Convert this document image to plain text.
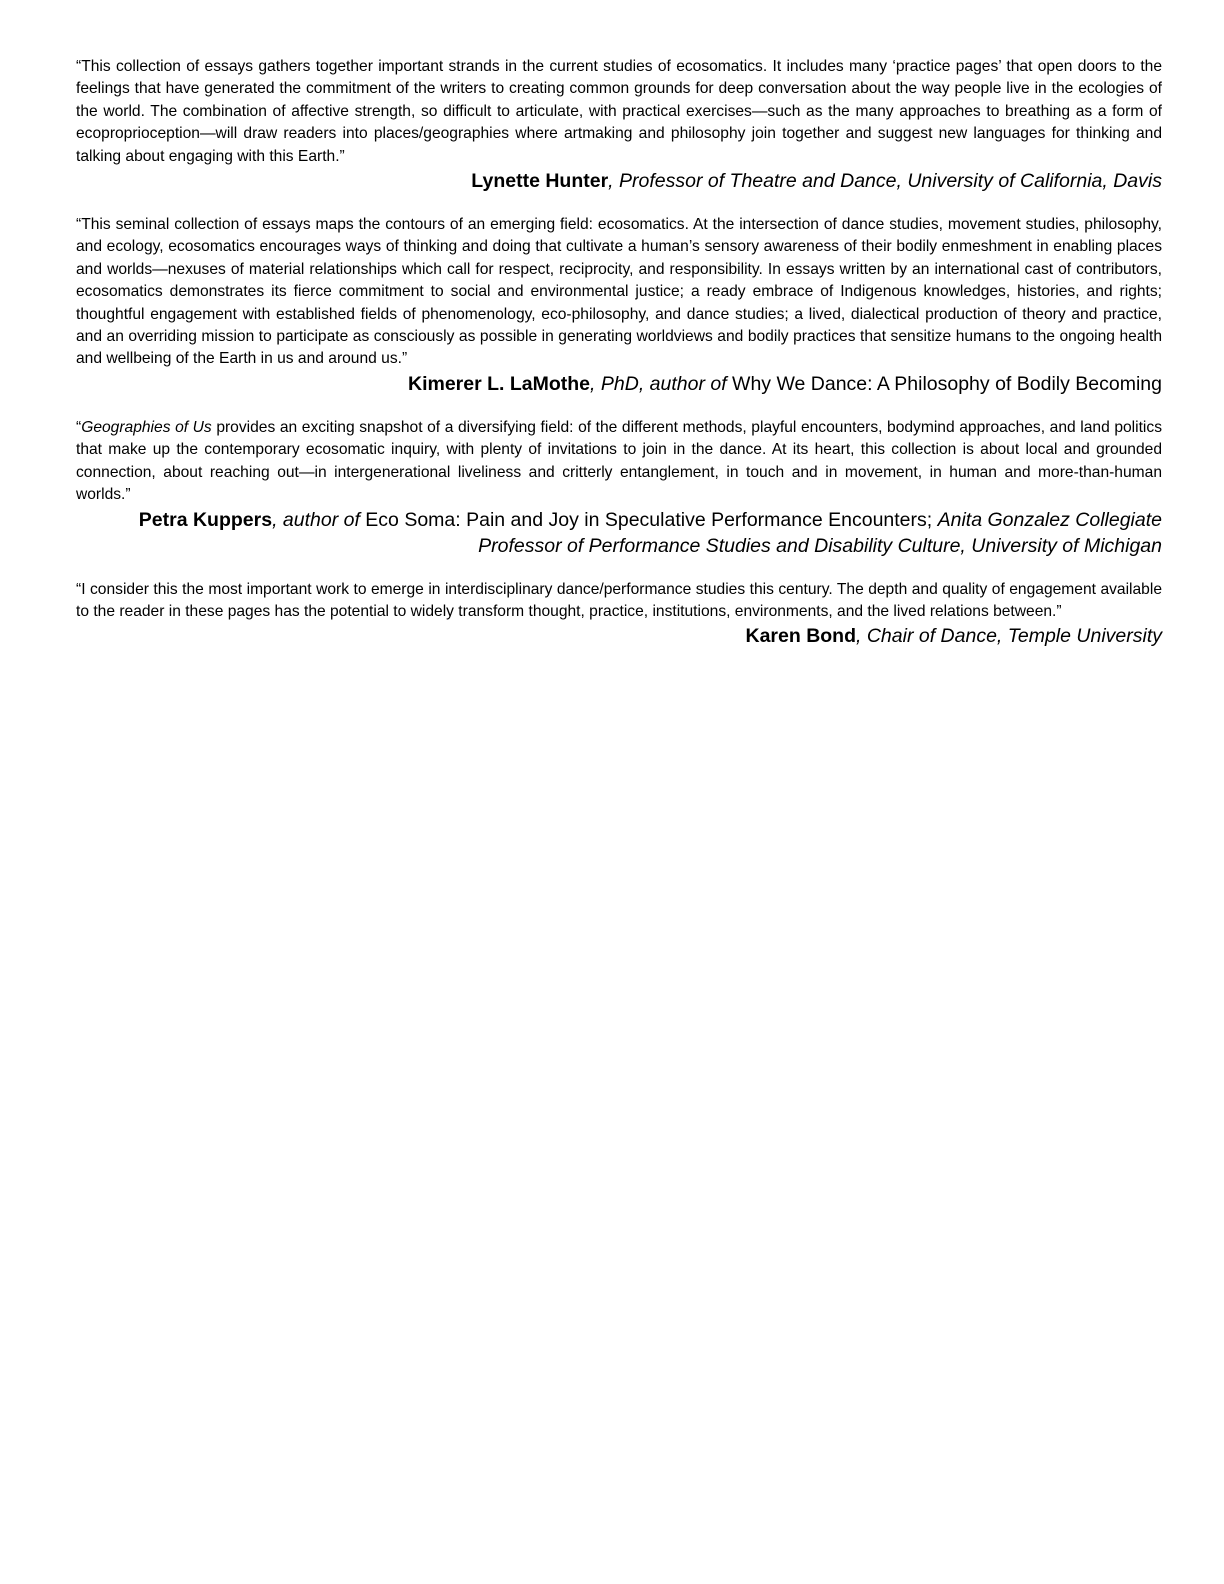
“This collection of essays gathers together important strands in the current studies of ecosomatics. It includes many ‘practice pages’ that open doors to the feelings that have generated the commitment of the writers to creating common grounds for deep conversation about the way people live in the ecologies of the world. The combination of affective strength, so difficult to articulate, with practical exercises—such as the many approaches to breathing as a form of ecoproprioception—will draw readers into places/geographies where artmaking and philosophy join together and suggest new languages for thinking and talking about engaging with this Earth.”

Lynette Hunter, Professor of Theatre and Dance, University of California, Davis

“This seminal collection of essays maps the contours of an emerging field: ecosomatics. At the intersection of dance studies, movement studies, philosophy, and ecology, ecosomatics encourages ways of thinking and doing that cultivate a human’s sensory awareness of their bodily enmeshment in enabling places and worlds—nexuses of material relationships which call for respect, reciprocity, and responsibility. In essays written by an international cast of contributors, ecosomatics demonstrates its fierce commitment to social and environmental justice; a ready embrace of Indigenous knowledges, histories, and rights; thoughtful engagement with established fields of phenomenology, eco-philosophy, and dance studies; a lived, dialectical production of theory and practice, and an overriding mission to participate as consciously as possible in generating worldviews and bodily practices that sensitize humans to the ongoing health and wellbeing of the Earth in us and around us.”

Kimerer L. LaMothe, PhD, author of Why We Dance: A Philosophy of Bodily Becoming

“Geographies of Us provides an exciting snapshot of a diversifying field: of the different methods, playful encounters, bodymind approaches, and land politics that make up the contemporary ecosomatic inquiry, with plenty of invitations to join in the dance. At its heart, this collection is about local and grounded connection, about reaching out—in intergenerational liveliness and critterly entanglement, in touch and in movement, in human and more-than-human worlds.”

Petra Kuppers, author of Eco Soma: Pain and Joy in Speculative Performance Encounters; Anita Gonzalez Collegiate Professor of Performance Studies and Disability Culture, University of Michigan

“I consider this the most important work to emerge in interdisciplinary dance/performance studies this century. The depth and quality of engagement available to the reader in these pages has the potential to widely transform thought, practice, institutions, environments, and the lived relations between.”

Karen Bond, Chair of Dance, Temple University
